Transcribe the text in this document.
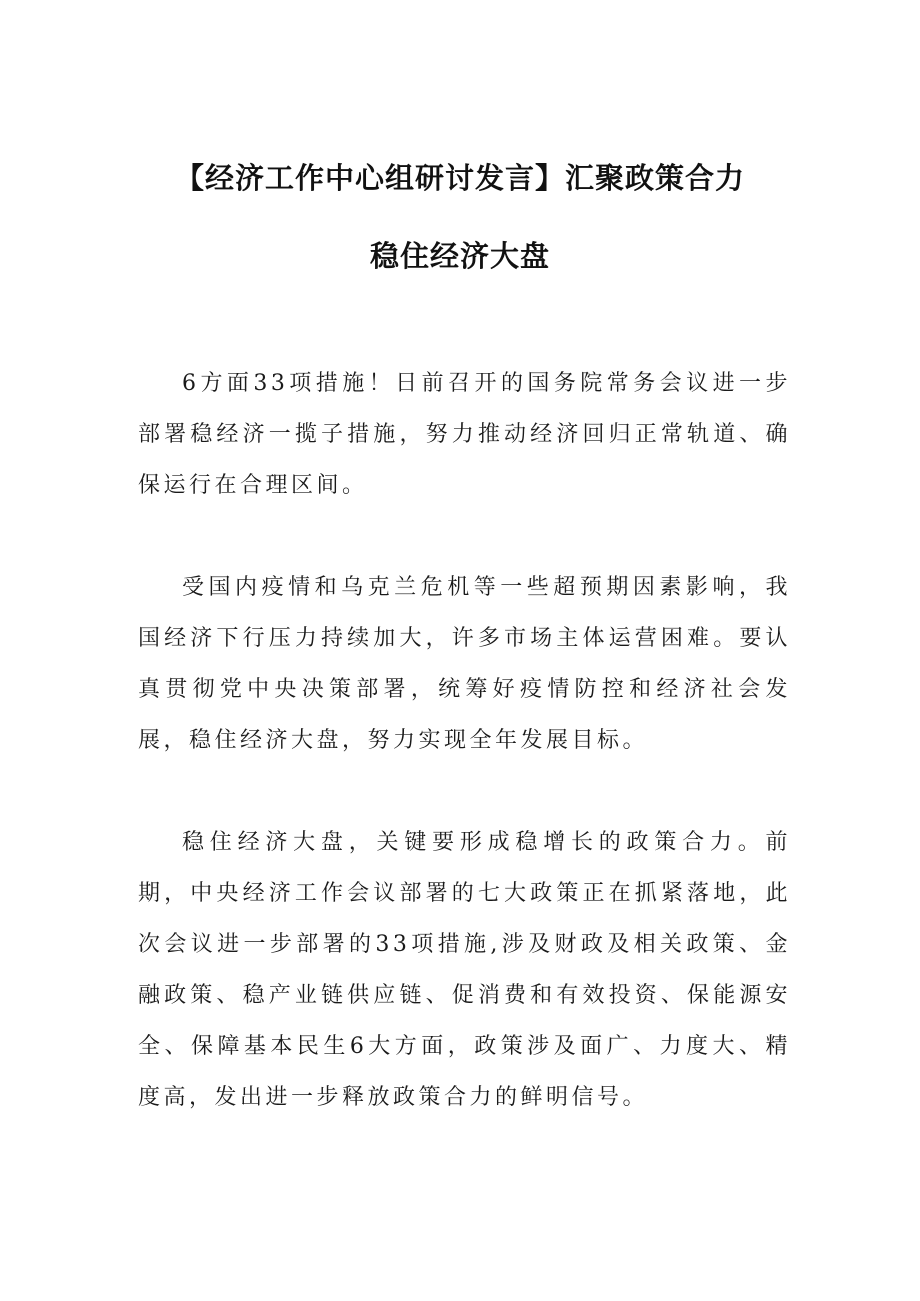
【经济工作中心组研讨发言】汇聚政策合力
稳住经济大盘

6方面33项措施！日前召开的国务院常务会议进一步部署稳经济一揽子措施，努力推动经济回归正常轨道、确保运行在合理区间。

受国内疫情和乌克兰危机等一些超预期因素影响，我国经济下行压力持续加大，许多市场主体运营困难。要认真贯彻党中央决策部署，统筹好疫情防控和经济社会发展，稳住经济大盘，努力实现全年发展目标。

稳住经济大盘，关键要形成稳增长的政策合力。前期，中央经济工作会议部署的七大政策正在抓紧落地，此次会议进一步部署的33项措施,涉及财政及相关政策、金融政策、稳产业链供应链、促消费和有效投资、保能源安全、保障基本民生6大方面，政策涉及面广、力度大、精度高，发出进一步释放政策合力的鲜明信号。
